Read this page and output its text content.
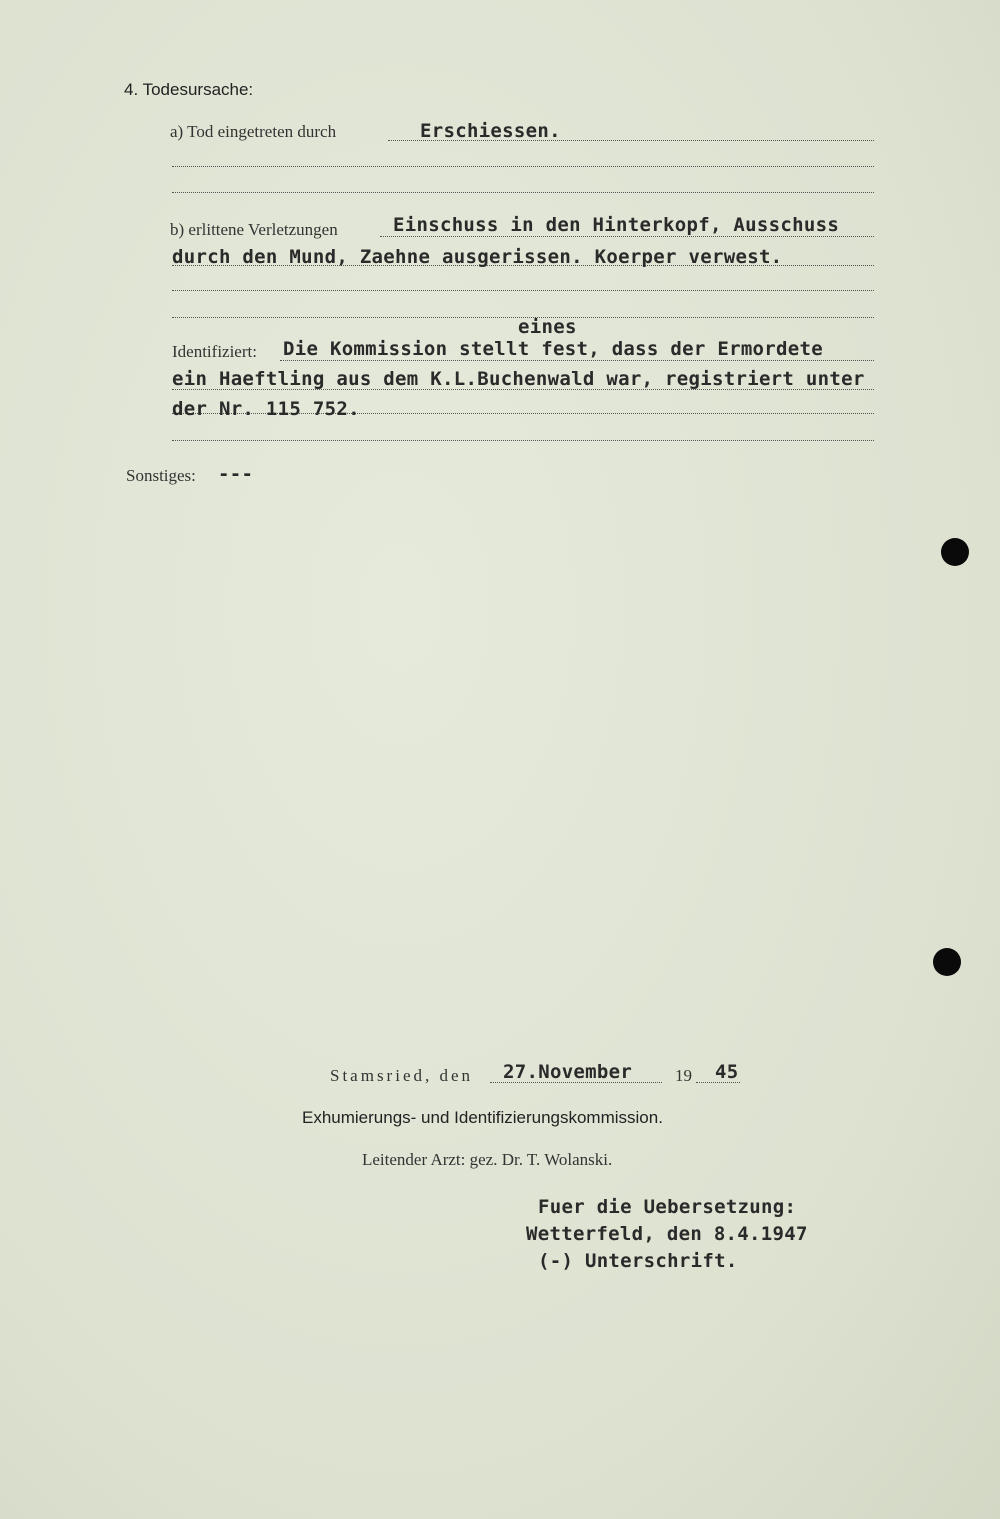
4. Todesursache:
a) Tod eingetreten durch	Erschiessen.
b) erlittene Verletzungen	Einschuss in den Hinterkopf, Ausschuss
durch den Mund, Zaehne ausgerissen. Koerper verwest.
eines
Identifiziert: Die Kommission stellt fest, dass der Ermordete
ein Haeftling aus dem K.L.Buchenwald war, registriert unter
der Nr. 115 752.
Sonstiges: ---
Stamsried, den 27.November	19 45
Exhumierungs- und Identifizierungskommission.
Leitender Arzt: gez. Dr. T. Wolanski.
Fuer die Uebersetzung:
Wetterfeld, den 8.4.1947
(-) Unterschrift.
